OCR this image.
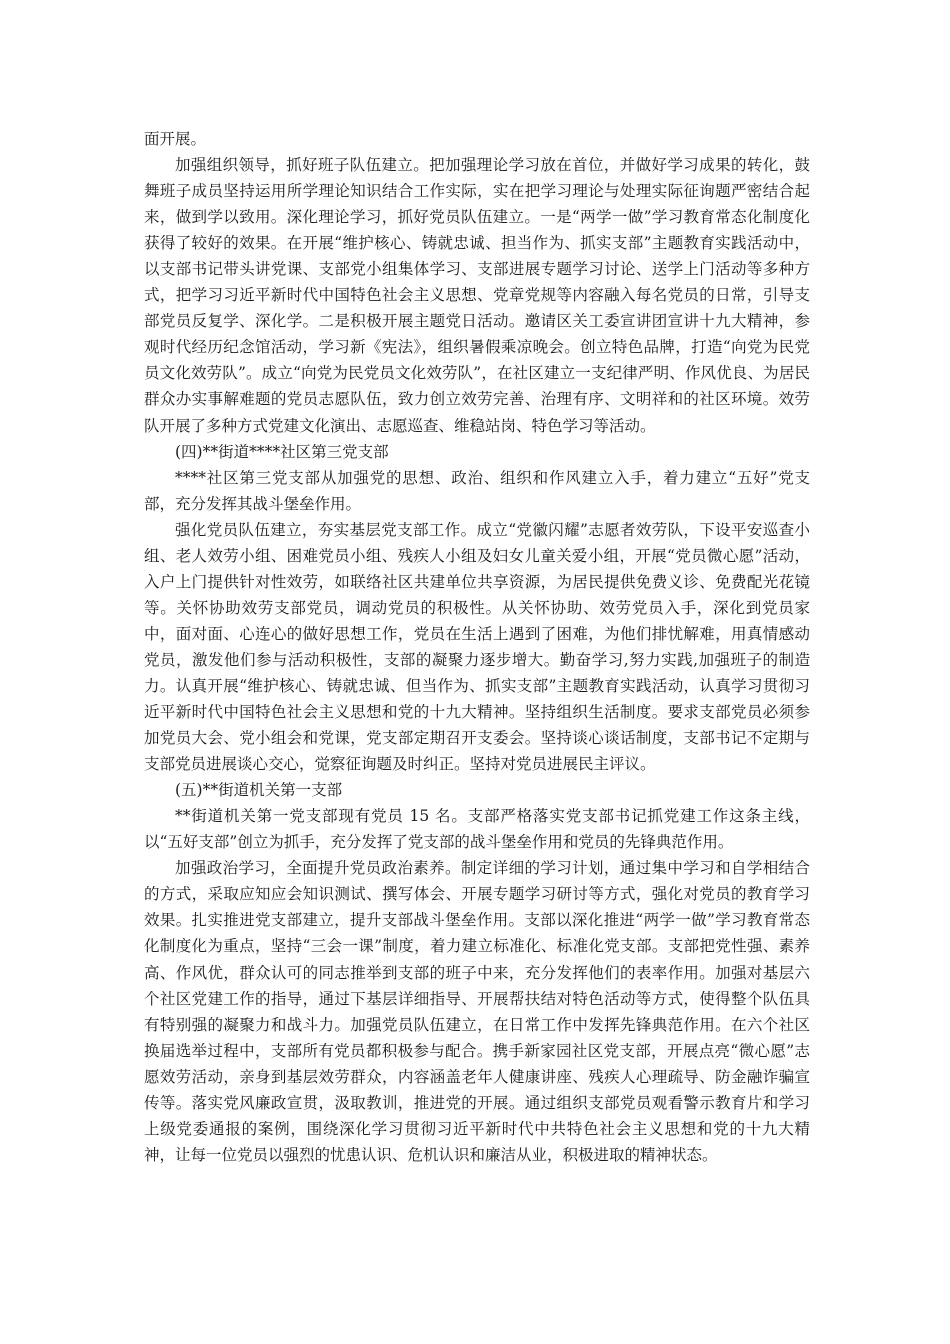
面开展。

加强组织领导，抓好班子队伍建立。把加强理论学习放在首位，并做好学习成果的转化，鼓舞班子成员坚持运用所学理论知识结合工作实际，实在把学习理论与处理实际征询题严密结合起来，做到学以致用。深化理论学习，抓好党员队伍建立。一是“两学一做”学习教育常态化制度化获得了较好的效果。在开展“维护核心、铸就忠诚、担当作为、抓实支部”主题教育实践活动中，以支部书记带头讲党课、支部党小组集体学习、支部进展专题学习讨论、送学上门活动等多种方式，把学习习近平新时代中国特色社会主义思想、党章党规等内容融入每名党员的日常，引导支部党员反复学、深化学。二是积极开展主题党日活动。邀请区关工委宣讲团宣讲十九大精神，参观时代经历纪念馆活动，学习新《宪法》，组织暑假乘凉晚会。创立特色品牌，打造“向党为民党员文化效劳队”。成立“向党为民党员文化效劳队”，在社区建立一支纪律严明、作风优良、为居民群众办实事解难题的党员志愿队伍，致力创立效劳完善、治理有序、文明祥和的社区环境。效劳队开展了多种方式党建文化演出、志愿巡查、维稳站岗、特色学习等活动。

(四)**街道****社区第三党支部

****社区第三党支部从加强党的思想、政治、组织和作风建立入手，着力建立“五好”党支部，充分发挥其战斗堡垒作用。

强化党员队伍建立，夯实基层党支部工作。成立“党徽闪耀”志愿者效劳队，下设平安巡查小组、老人效劳小组、困难党员小组、残疾人小组及妇女儿童关爱小组，开展“党员微心愿”活动，入户上门提供针对性效劳，如联络社区共建单位共享资源，为居民提供免费义诊、免费配光花镜等。关怀协助效劳支部党员，调动党员的积极性。从关怀协助、效劳党员入手，深化到党员家中，面对面、心连心的做好思想工作，党员在生活上遇到了困难，为他们排忧解难，用真情感动党员，激发他们参与活动积极性，支部的凝聚力逐步增大。勤奋学习,努力实践,加强班子的制造力。认真开展“维护核心、铸就忠诚、但当作为、抓实支部”主题教育实践活动，认真学习贯彻习近平新时代中国特色社会主义思想和党的十九大精神。坚持组织生活制度。要求支部党员必须参加党员大会、党小组会和党课，党支部定期召开支委会。坚持谈心谈话制度，支部书记不定期与支部党员进展谈心交心，觉察征询题及时纠正。坚持对党员进展民主评议。

(五)**街道机关第一支部

**街道机关第一党支部现有党员 15 名。支部严格落实党支部书记抓党建工作这条主线，以“五好支部”创立为抓手，充分发挥了党支部的战斗堡垒作用和党员的先锋典范作用。

加强政治学习，全面提升党员政治素养。制定详细的学习计划，通过集中学习和自学相结合的方式，采取应知应会知识测试、撰写体会、开展专题学习研讨等方式，强化对党员的教育学习效果。扎实推进党支部建立，提升支部战斗堡垒作用。支部以深化推进“两学一做”学习教育常态化制度化为重点，坚持“三会一课”制度，着力建立标准化、标准化党支部。支部把党性强、素养高、作风优，群众认可的同志推举到支部的班子中来，充分发挥他们的表率作用。加强对基层六个社区党建工作的指导，通过下基层详细指导、开展帮扶结对特色活动等方式，使得整个队伍具有特别强的凝聚力和战斗力。加强党员队伍建立，在日常工作中发挥先锋典范作用。在六个社区换届选举过程中，支部所有党员都积极参与配合。携手新家园社区党支部，开展点亮“微心愿”志愿效劳活动，亲身到基层效劳群众，内容涵盖老年人健康讲座、残疾人心理疏导、防金融诈骗宣传等。落实党风廉政宣贯，汲取教训，推进党的开展。通过组织支部党员观看警示教育片和学习上级党委通报的案例，围绕深化学习贯彻习近平新时代中共特色社会主义思想和党的十九大精神，让每一位党员以强烈的忧患认识、危机认识和廉洁从业，积极进取的精神状态。
